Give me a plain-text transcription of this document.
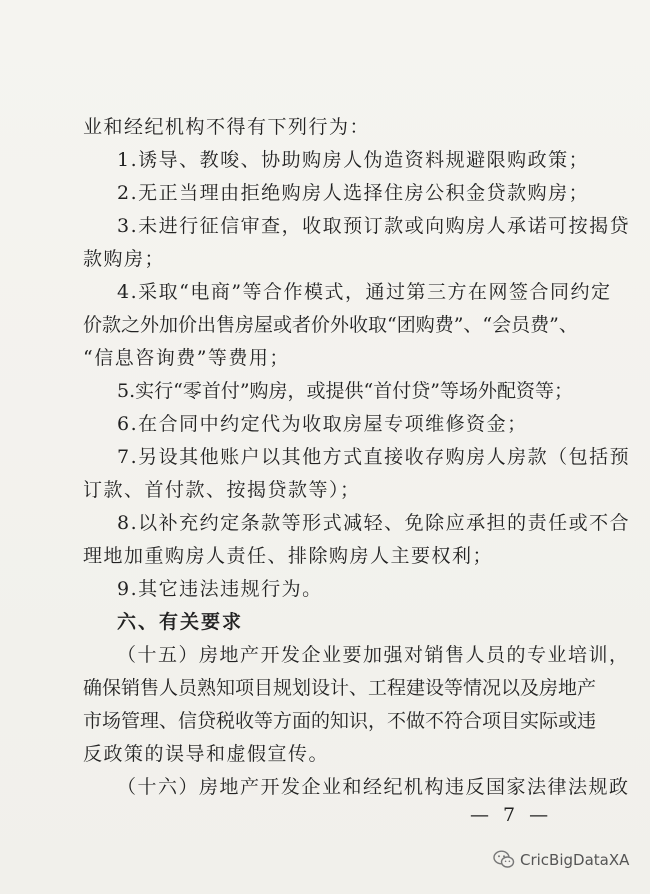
业和经纪机构不得有下列行为：
1.诱导、教唆、协助购房人伪造资料规避限购政策；
2.无正当理由拒绝购房人选择住房公积金贷款购房；
3.未进行征信审查，收取预订款或向购房人承诺可按揭贷
款购房；
4.采取“电商”等合作模式，通过第三方在网签合同约定
价款之外加价出售房屋或者价外收取“团购费”、“会员费”、
“信息咨询费”等费用；
5.实行“零首付”购房，或提供“首付贷”等场外配资等；
6.在合同中约定代为收取房屋专项维修资金；
7.另设其他账户以其他方式直接收存购房人房款（包括预
订款、首付款、按揭贷款等）；
8.以补充约定条款等形式减轻、免除应承担的责任或不合
理地加重购房人责任、排除购房人主要权利；
9.其它违法违规行为。
六、有关要求
（十五）房地产开发企业要加强对销售人员的专业培训，
确保销售人员熟知项目规划设计、工程建设等情况以及房地产
市场管理、信贷税收等方面的知识，不做不符合项目实际或违
反政策的误导和虚假宣传。
（十六）房地产开发企业和经纪机构违反国家法律法规政
— 7 —
CricBigDataXA
